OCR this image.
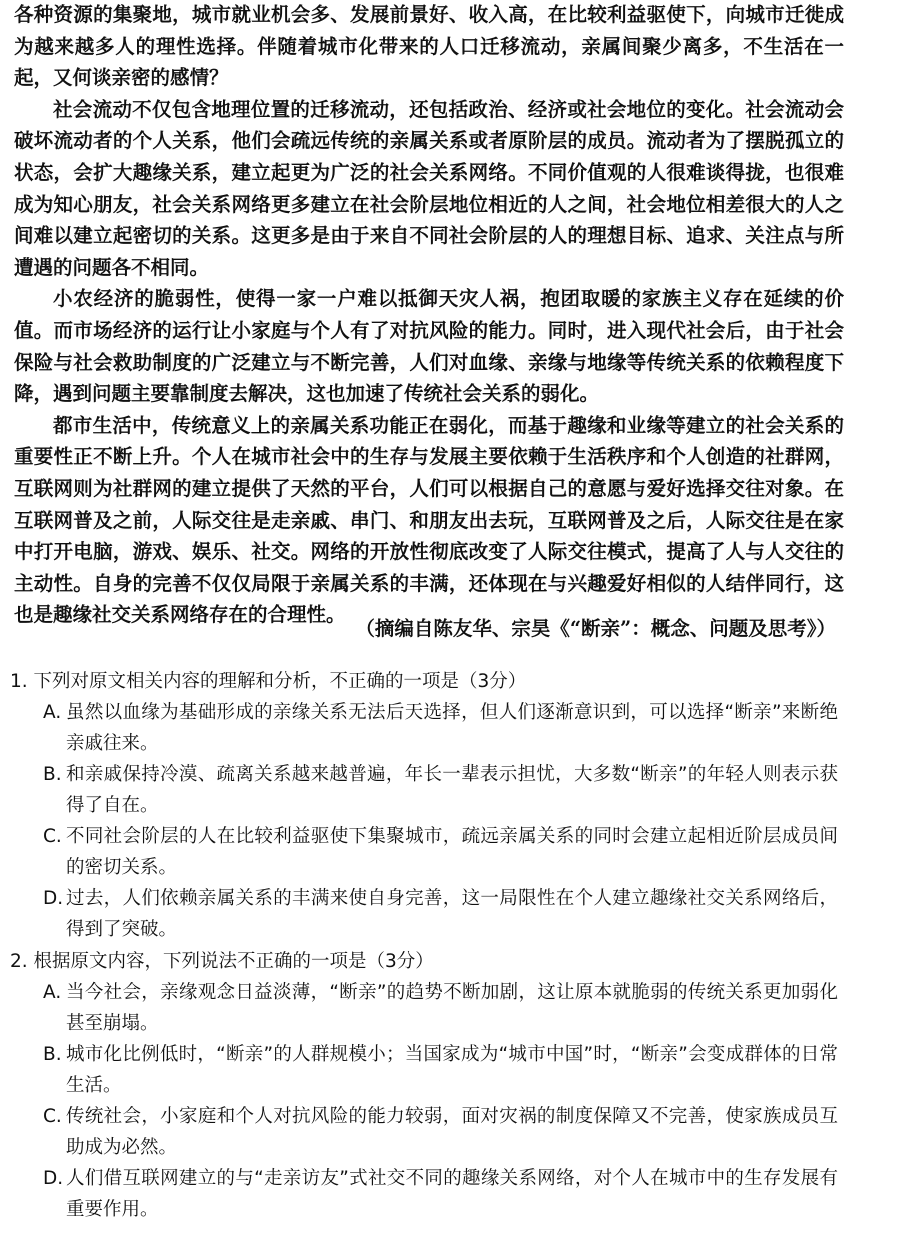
各种资源的集聚地，城市就业机会多、发展前景好、收入高，在比较利益驱使下，向城市迁徙成为越来越多人的理性选择。伴随着城市化带来的人口迁移流动，亲属间聚少离多，不生活在一起，又何谈亲密的感情？

社会流动不仅包含地理位置的迁移流动，还包括政治、经济或社会地位的变化。社会流动会破坏流动者的个人关系，他们会疏远传统的亲属关系或者原阶层的成员。流动者为了摆脱孤立的状态，会扩大趣缘关系，建立起更为广泛的社会关系网络。不同价值观的人很难谈得拢，也很难成为知心朋友，社会关系网络更多建立在社会阶层地位相近的人之间，社会地位相差很大的人之间难以建立起密切的关系。这更多是由于来自不同社会阶层的人的理想目标、追求、关注点与所遭遇的问题各不相同。

小农经济的脆弱性，使得一家一户难以抵御天灾人祸，抱团取暖的家族主义存在延续的价值。而市场经济的运行让小家庭与个人有了对抗风险的能力。同时，进入现代社会后，由于社会保险与社会救助制度的广泛建立与不断完善，人们对血缘、亲缘与地缘等传统关系的依赖程度下降，遇到问题主要靠制度去解决，这也加速了传统社会关系的弱化。

都市生活中，传统意义上的亲属关系功能正在弱化，而基于趣缘和业缘等建立的社会关系的重要性正不断上升。个人在城市社会中的生存与发展主要依赖于生活秩序和个人创造的社群网，互联网则为社群网的建立提供了天然的平台，人们可以根据自己的意愿与爱好选择交往对象。在互联网普及之前，人际交往是走亲戚、串门、和朋友出去玩，互联网普及之后，人际交往是在家中打开电脑，游戏、娱乐、社交。网络的开放性彻底改变了人际交往模式，提高了人与人交往的主动性。自身的完善不仅仅局限于亲属关系的丰满，还体现在与兴趣爱好相似的人结伴同行，这也是趣缘社交关系网络存在的合理性。

（摘编自陈友华、宗昊《“断亲”：概念、问题及思考》）
1. 下列对原文相关内容的理解和分析，不正确的一项是（3分）
A. 虽然以血缘为基础形成的亲缘关系无法后天选择，但人们逐渐意识到，可以选择“断亲”来断绝亲戚往来。
B. 和亲戚保持冷漠、疏离关系越来越普遍，年长一辈表示担忧，大多数“断亲”的年轻人则表示获得了自在。
C. 不同社会阶层的人在比较利益驱使下集聚城市，疏远亲属关系的同时会建立起相近阶层成员间的密切关系。
D. 过去，人们依赖亲属关系的丰满来使自身完善，这一局限性在个人建立趣缘社交关系网络后，得到了突破。
2. 根据原文内容，下列说法不正确的一项是（3分）
A. 当今社会，亲缘观念日益淡薄，“断亲”的趋势不断加剧，这让原本就脆弱的传统关系更加弱化甚至崩塌。
B. 城市化比例低时，“断亲”的人群规模小；当国家成为“城市中国”时，“断亲”会变成群体的日常生活。
C. 传统社会，小家庭和个人对抗风险的能力较弱，面对灾祸的制度保障又不完善，使家族成员互助成为必然。
D. 人们借互联网建立的与“走亲访友”式社交不同的趣缘关系网络，对个人在城市中的生存发展有重要作用。
